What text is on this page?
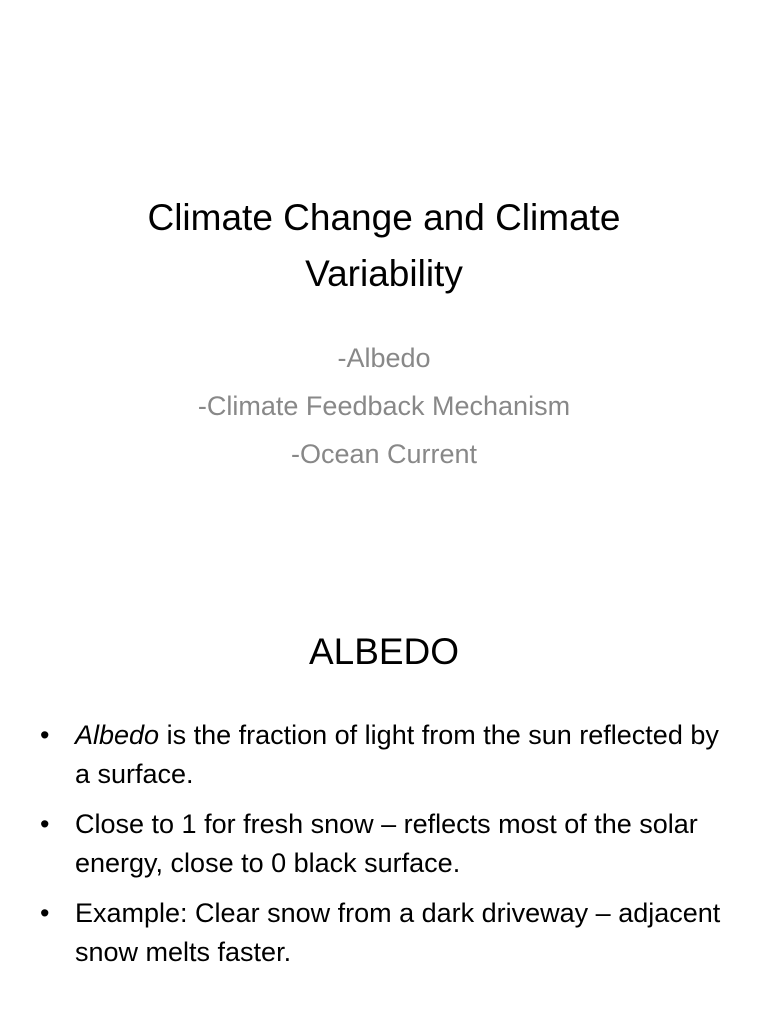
Climate Change and Climate
Variability
-Albedo
-Climate Feedback Mechanism
-Ocean Current
ALBEDO
• Albedo is the fraction of light from the sun reflected by a surface.
• Close to 1 for fresh snow – reflects most of the solar energy, close to 0 black surface.
• Example: Clear snow from a dark driveway – adjacent snow melts faster.
